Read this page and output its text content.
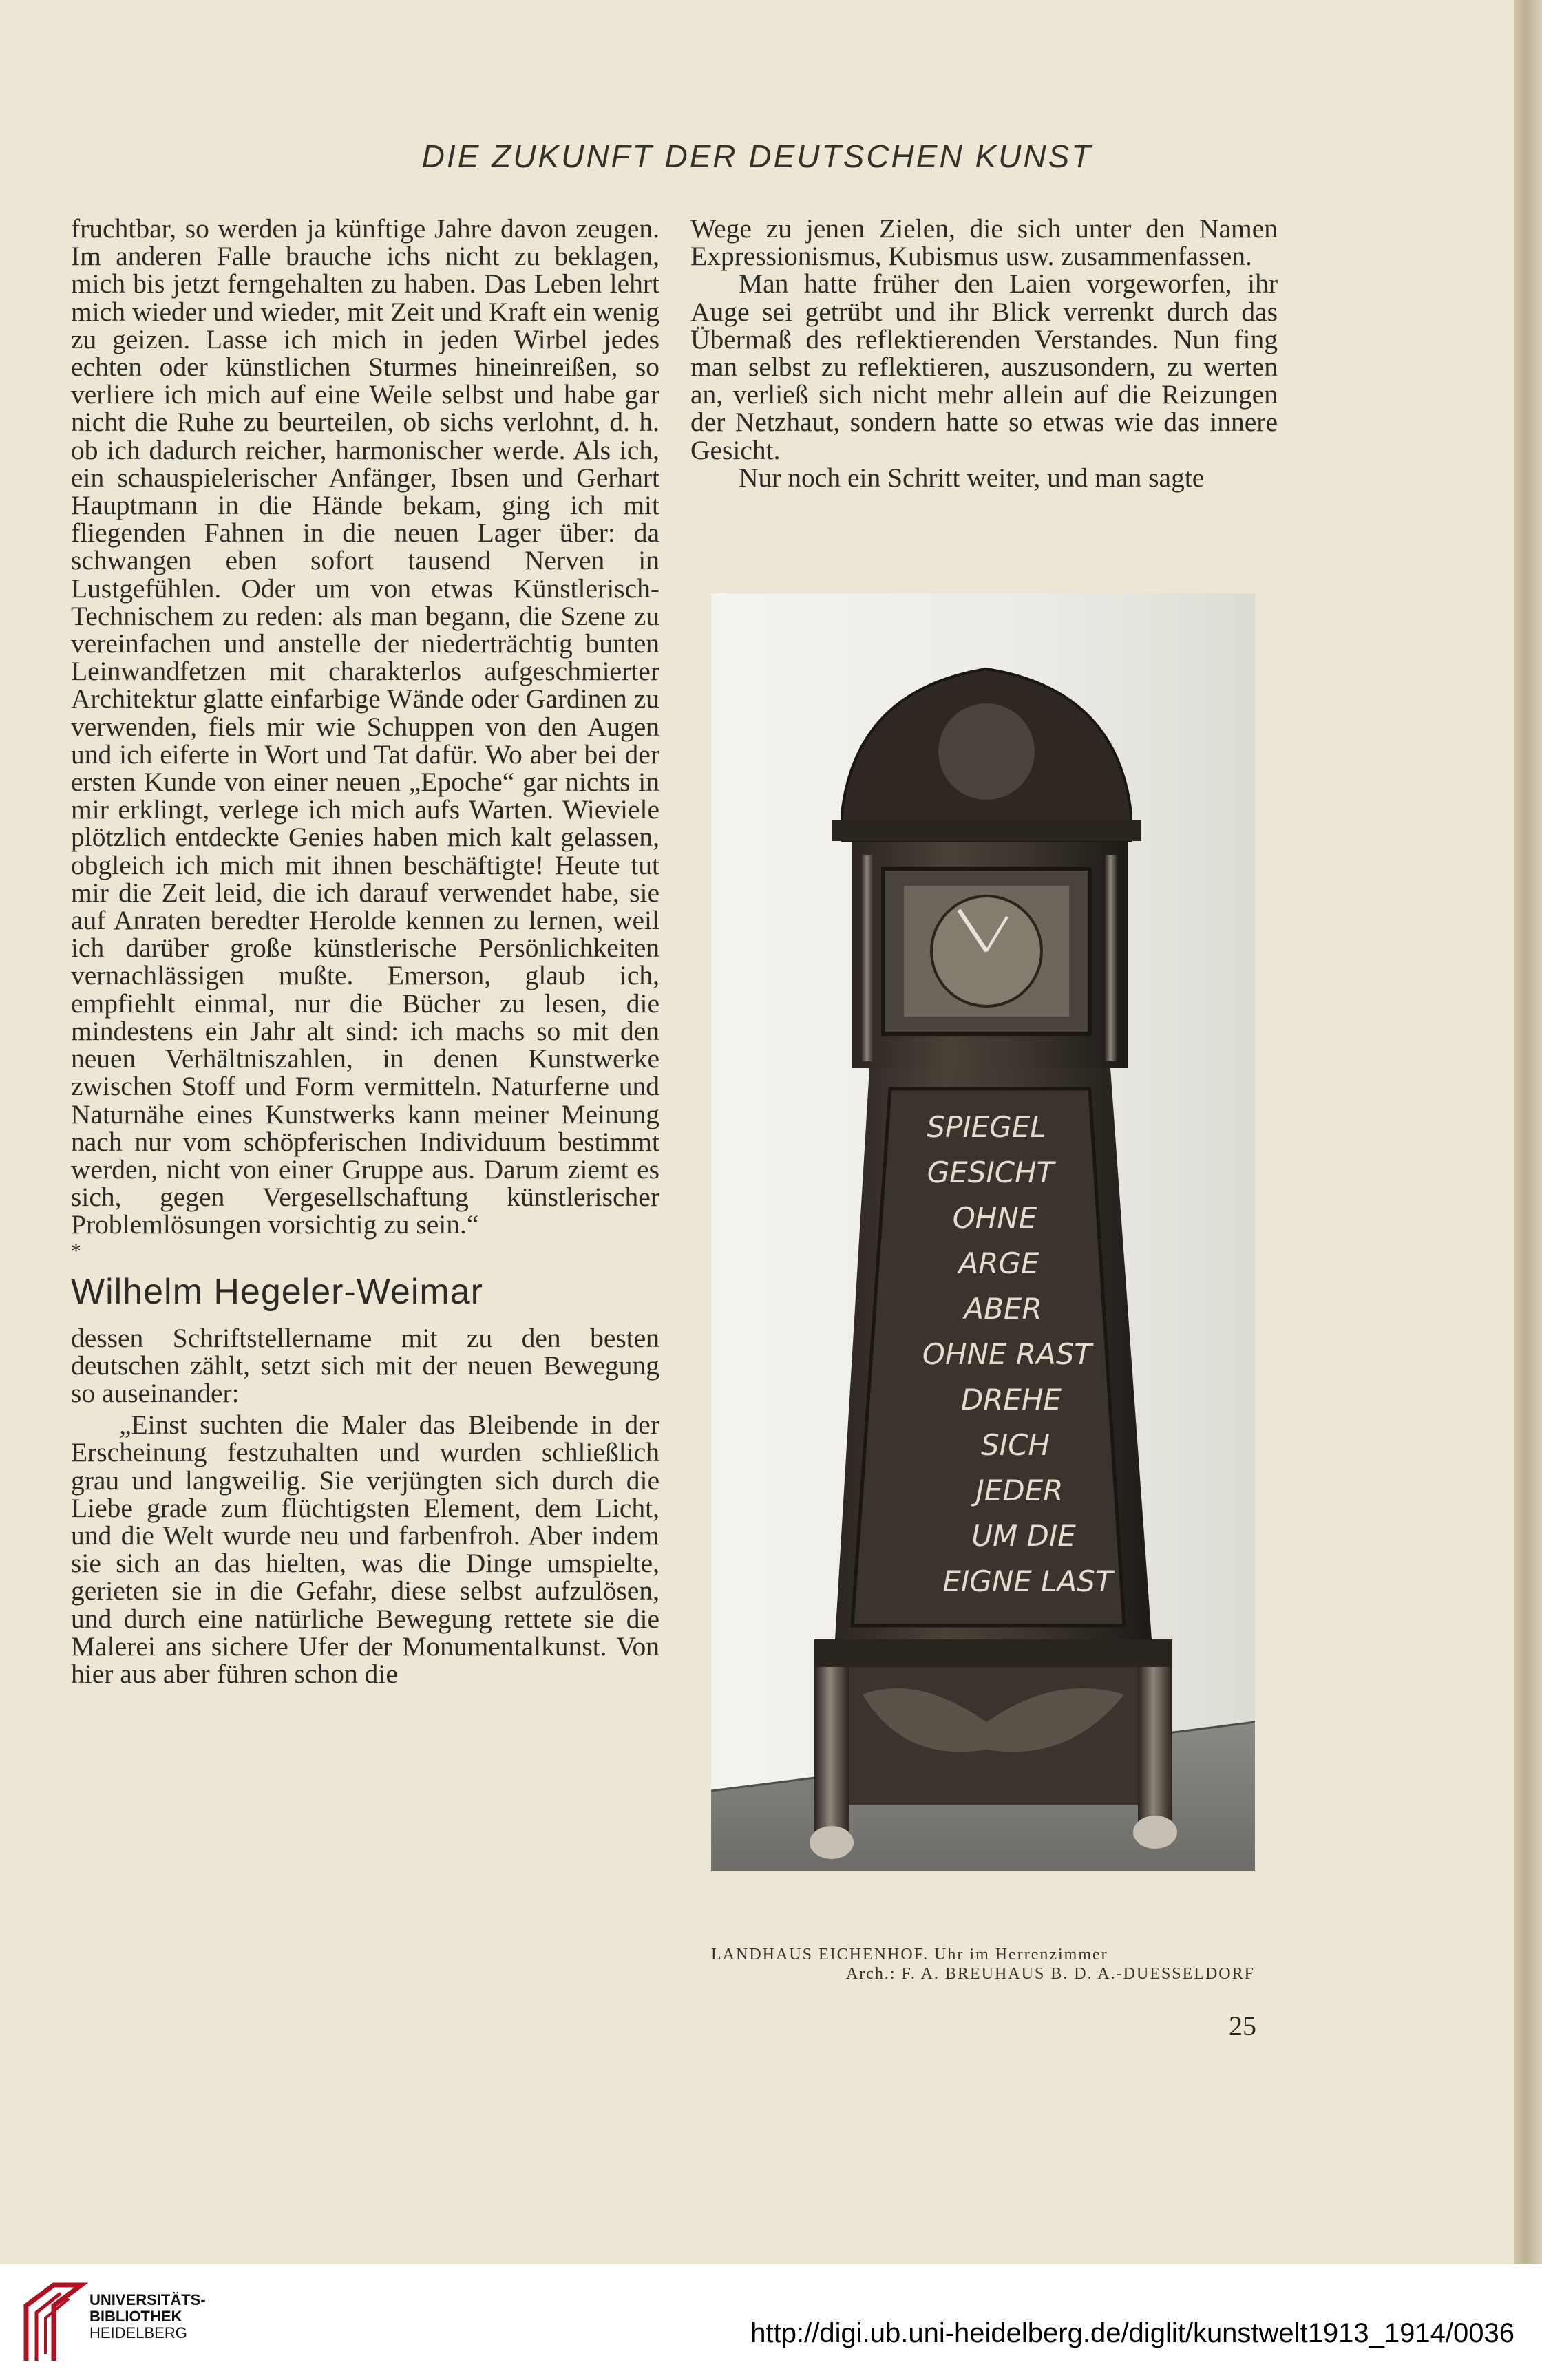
DIE ZUKUNFT DER DEUTSCHEN KUNST

fruchtbar, so werden ja künftige Jahre davon zeugen. Im anderen Falle brauche ichs nicht zu beklagen, mich bis jetzt ferngehalten zu haben. Das Leben lehrt mich wieder und wieder, mit Zeit und Kraft ein wenig zu geizen. Lasse ich mich in jeden Wirbel jedes echten oder künstlichen Sturmes hineinreißen, so verliere ich mich auf eine Weile selbst und habe gar nicht die Ruhe zu beurteilen, ob sichs verlohnt, d. h. ob ich dadurch reicher, harmonischer werde. Als ich, ein schauspielerischer Anfänger, Ibsen und Gerhart Hauptmann in die Hände bekam, ging ich mit fliegenden Fahnen in die neuen Lager über: da schwangen eben sofort tausend Nerven in Lustgefühlen. Oder um von etwas Künstlerisch-Technischem zu reden: als man begann, die Szene zu vereinfachen und anstelle der niederträchtig bunten Leinwandfetzen mit charakterlos aufgeschmierter Architektur glatte einfarbige Wände oder Gardinen zu verwenden, fiels mir wie Schuppen von den Augen und ich eiferte in Wort und Tat dafür. Wo aber bei der ersten Kunde von einer neuen „Epoche“ gar nichts in mir erklingt, verlege ich mich aufs Warten. Wieviele plötzlich entdeckte Genies haben mich kalt gelassen, obgleich ich mich mit ihnen beschäftigte! Heute tut mir die Zeit leid, die ich darauf verwendet habe, sie auf Anraten beredter Herolde kennen zu lernen, weil ich darüber große künstlerische Persönlichkeiten vernachlässigen mußte. Emerson, glaub ich, empfiehlt einmal, nur die Bücher zu lesen, die mindestens ein Jahr alt sind: ich machs so mit den neuen Verhältniszahlen, in denen Kunstwerke zwischen Stoff und Form vermitteln. Naturferne und Naturnähe eines Kunstwerks kann meiner Meinung nach nur vom schöpferischen Individuum bestimmt werden, nicht von einer Gruppe aus. Darum ziemt es sich, gegen Vergesellschaftung künstlerischer Problemlösungen vorsichtig zu sein.“

*
Wilhelm Hegeler-Weimar

dessen Schriftstellername mit zu den besten deutschen zählt, setzt sich mit der neuen Bewegung so auseinander:

„Einst suchten die Maler das Bleibende in der Erscheinung festzuhalten und wurden schließlich grau und langweilig. Sie verjüngten sich durch die Liebe grade zum flüchtigsten Element, dem Licht, und die Welt wurde neu und farbenfroh. Aber indem sie sich an das hielten, was die Dinge umspielte, gerieten sie in die Gefahr, diese selbst aufzulösen, und durch eine natürliche Bewegung rettete sie die Malerei ans sichere Ufer der Monumentalkunst. Von hier aus aber führen schon die

Wege zu jenen Zielen, die sich unter den Namen Expressionismus, Kubismus usw. zusammenfassen.

Man hatte früher den Laien vorgeworfen, ihr Auge sei getrübt und ihr Blick verrenkt durch das Übermaß des reflektierenden Verstandes. Nun fing man selbst zu reflektieren, auszusondern, zu werten an, verließ sich nicht mehr allein auf die Reizungen der Netzhaut, sondern hatte so etwas wie das innere Gesicht.

Nur noch ein Schritt weiter, und man sagte

SPIEGEL
GESICHT
OHNE
ARGE
ABER
OHNE RAST
DREHE
SICH
JEDER
UM DIE
EIGNE LAST
LANDHAUS EICHENHOF. Uhr im Herrenzimmer
Arch.: F. A. BREUHAUS B. D. A.-DUESSELDORF
25
UNIVERSITÄTS-
BIBLIOTHEK
HEIDELBERG	http://digi.ub.uni-heidelberg.de/diglit/kunstwelt1913_1914/0036
